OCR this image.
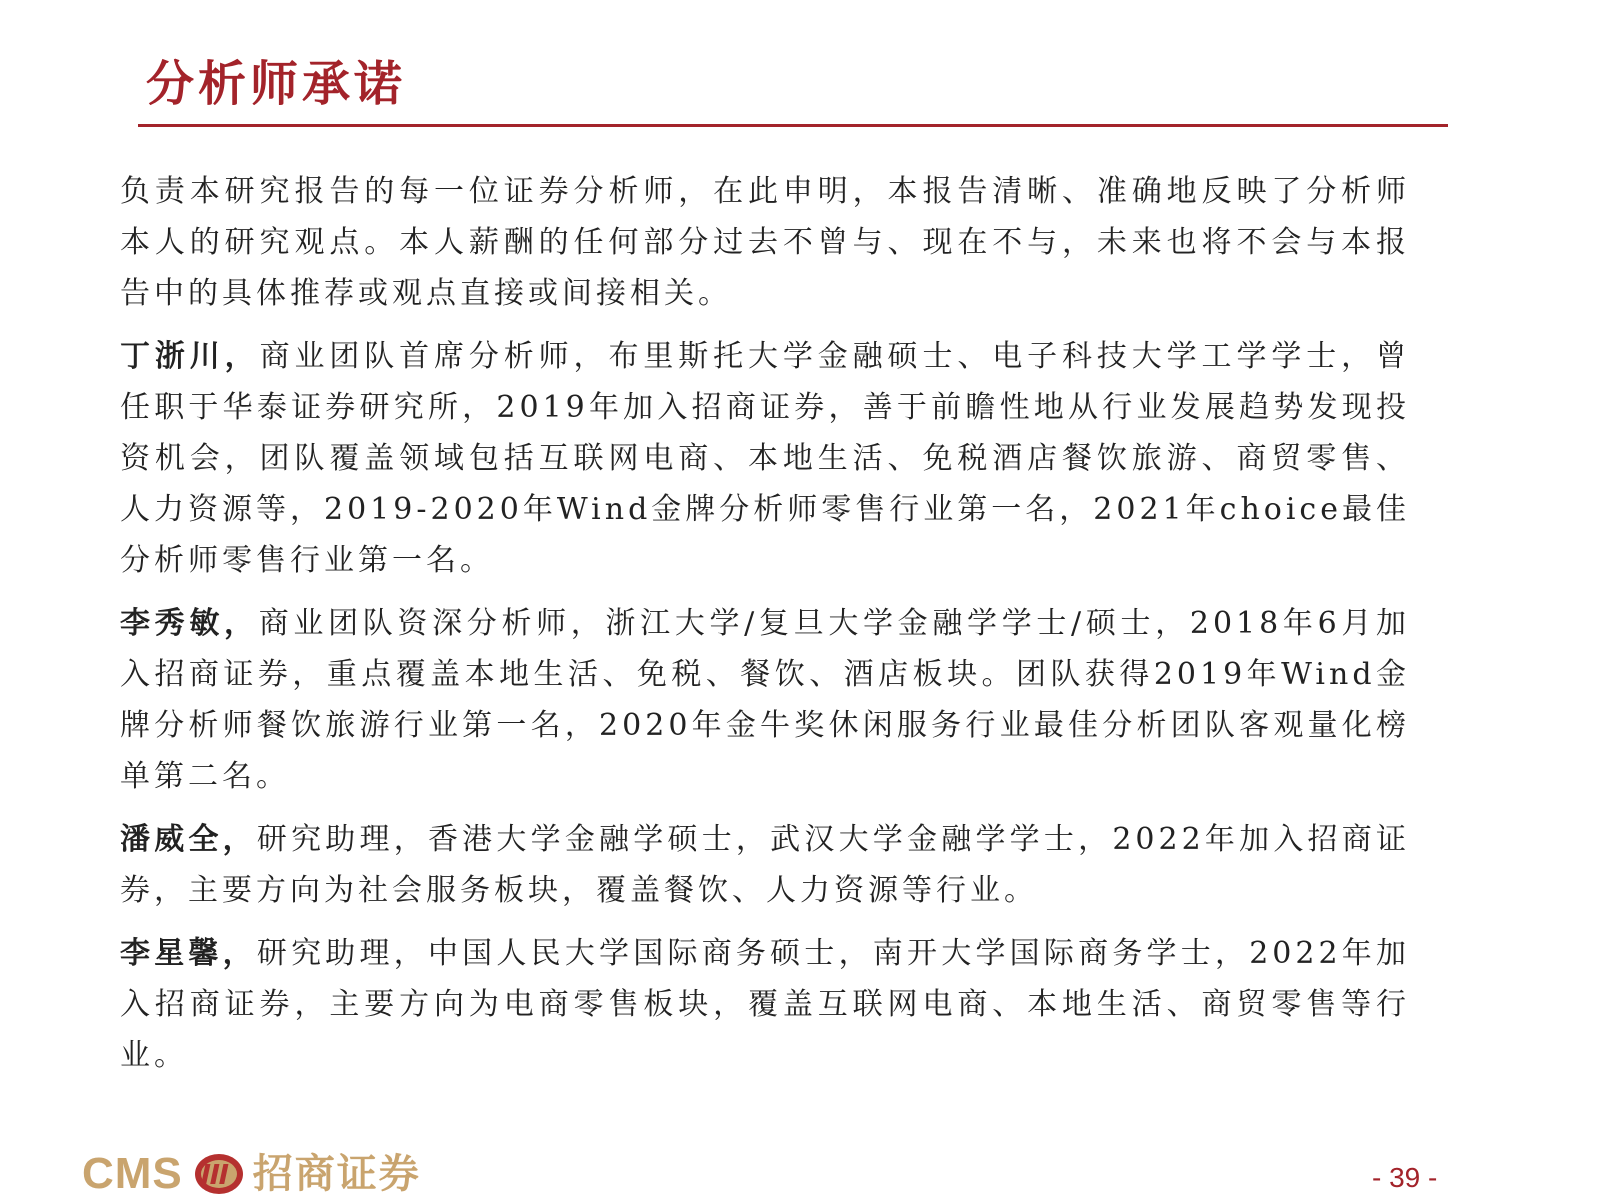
分析师承诺

负责本研究报告的每一位证券分析师，在此申明，本报告清晰、准确地反映了分析师本人的研究观点。本人薪酬的任何部分过去不曾与、现在不与，未来也将不会与本报告中的具体推荐或观点直接或间接相关。

丁浙川，商业团队首席分析师，布里斯托大学金融硕士、电子科技大学工学学士，曾任职于华泰证券研究所，2019年加入招商证券，善于前瞻性地从行业发展趋势发现投资机会，团队覆盖领域包括互联网电商、本地生活、免税酒店餐饮旅游、商贸零售、人力资源等，2019-2020年Wind金牌分析师零售行业第一名，2021年choice最佳分析师零售行业第一名。

李秀敏，商业团队资深分析师，浙江大学/复旦大学金融学学士/硕士，2018年6月加入招商证券，重点覆盖本地生活、免税、餐饮、酒店板块。团队获得2019年Wind金牌分析师餐饮旅游行业第一名，2020年金牛奖休闲服务行业最佳分析团队客观量化榜单第二名。

潘威全，研究助理，香港大学金融学硕士，武汉大学金融学学士，2022年加入招商证券，主要方向为社会服务板块，覆盖餐饮、人力资源等行业。

李星馨，研究助理，中国人民大学国际商务硕士，南开大学国际商务学士，2022年加入招商证券，主要方向为电商零售板块，覆盖互联网电商、本地生活、商贸零售等行业。

CMS 招商证券	- 39 -
